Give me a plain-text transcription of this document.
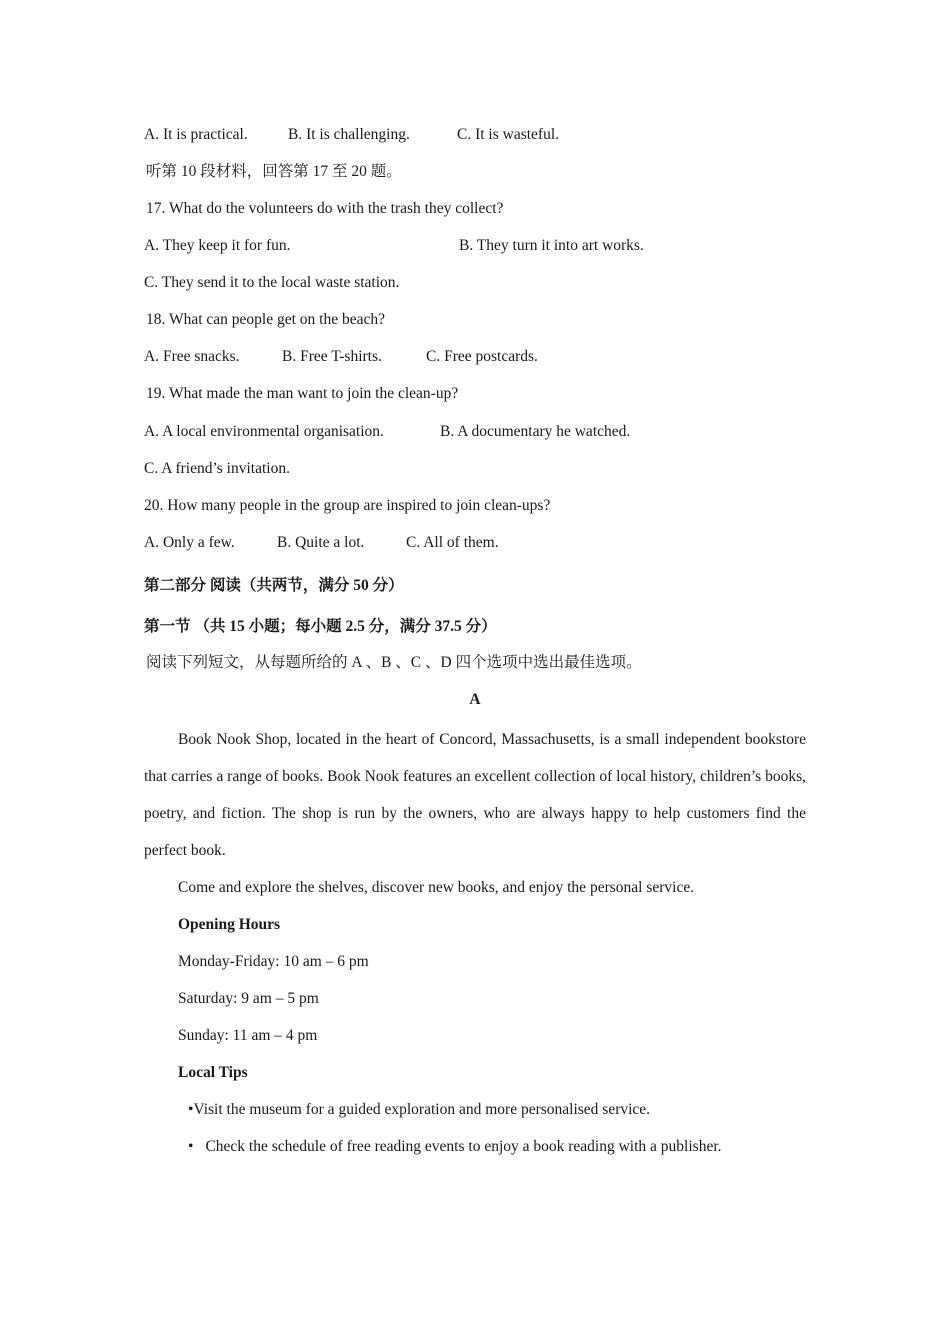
A. It is practical.	B. It is challenging.	C. It is wasteful.
听第 10 段材料，回答第 17 至 20 题。
17. What do the volunteers do with the trash they collect?
A. They keep it for fun.	B. They turn it into art works.
C. They send it to the local waste station.
18. What can people get on the beach?
A. Free snacks.	B. Free T-shirts.	C. Free postcards.
19. What made the man want to join the clean-up?
A. A local environmental organisation.	B. A documentary he watched.
C. A friend’s invitation.
20. How many people in the group are inspired to join clean-ups?
A. Only a few.	B. Quite a lot.	C. All of them.
第二部分 阅读（共两节，满分 50 分）
第一节 （共 15 小题；每小题 2.5 分，满分 37.5 分）
阅读下列短文，从每题所给的 A 、B 、C 、D 四个选项中选出最佳选项。
A

Book Nook Shop, located in the heart of Concord, Massachusetts, is a small independent bookstore that carries a range of books. Book Nook features an excellent collection of local history, children’s books, poetry, and fiction. The shop is run by the owners, who are always happy to help customers find the perfect book.

Come and explore the shelves, discover new books, and enjoy the personal service.
Opening Hours
Monday-Friday: 10 am – 6 pm
Saturday: 9 am – 5 pm
Sunday: 11 am – 4 pm
Local Tips
•Visit the museum for a guided exploration and more personalised service.
• Check the schedule of free reading events to enjoy a book reading with a publisher.
